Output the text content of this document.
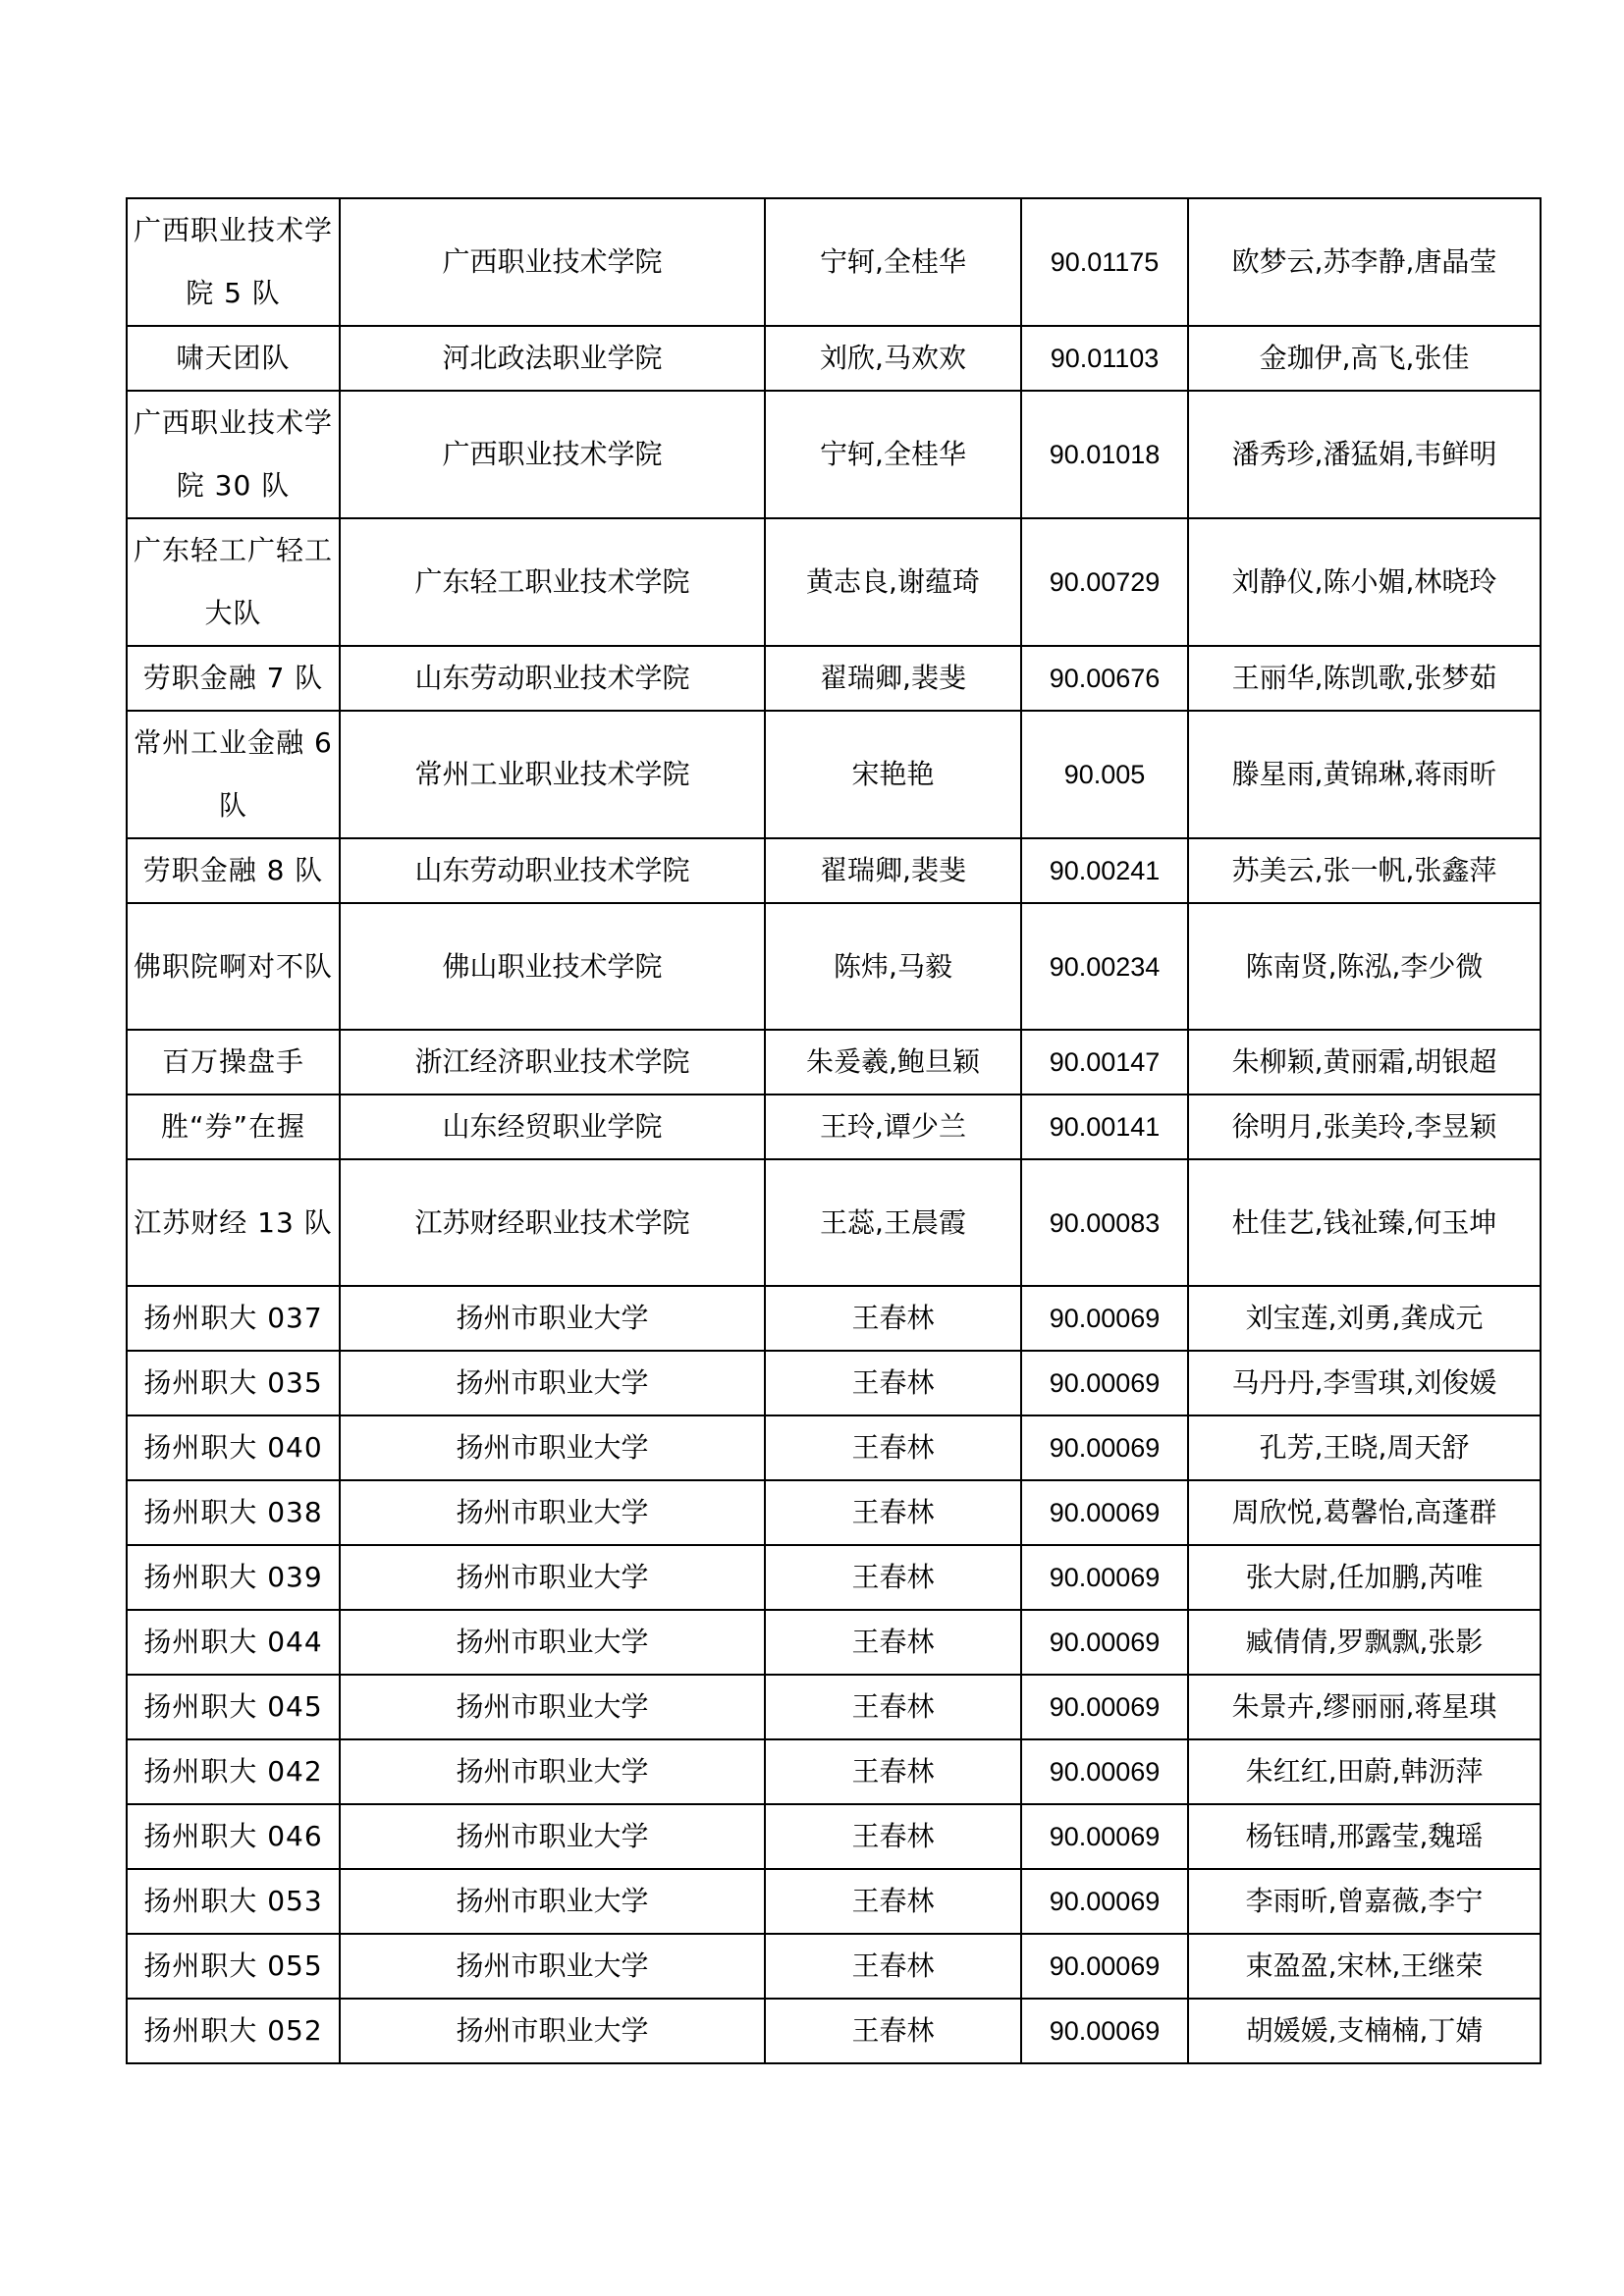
广西职业技术学院 5 队	广西职业技术学院	宁轲,全桂华	90.01175	欧梦云,苏李静,唐晶莹
啸天团队	河北政法职业学院	刘欣,马欢欢	90.01103	金珈伊,高飞,张佳
广西职业技术学院 30 队	广西职业技术学院	宁轲,全桂华	90.01018	潘秀珍,潘猛娟,韦鲜明
广东轻工广轻工大队	广东轻工职业技术学院	黄志良,谢蕴琦	90.00729	刘静仪,陈小媚,林晓玲
劳职金融 7 队	山东劳动职业技术学院	翟瑞卿,裴斐	90.00676	王丽华,陈凯歌,张梦茹
常州工业金融 6 队	常州工业职业技术学院	宋艳艳	90.005	滕星雨,黄锦琳,蒋雨昕
劳职金融 8 队	山东劳动职业技术学院	翟瑞卿,裴斐	90.00241	苏美云,张一帆,张鑫萍
佛职院啊对不队	佛山职业技术学院	陈炜,马毅	90.00234	陈南贤,陈泓,李少微
百万操盘手	浙江经济职业技术学院	朱爰羲,鲍旦颖	90.00147	朱柳颖,黄丽霜,胡银超
胜“券”在握	山东经贸职业学院	王玲,谭少兰	90.00141	徐明月,张美玲,李昱颖
江苏财经 13 队	江苏财经职业技术学院	王蕊,王晨霞	90.00083	杜佳艺,钱祉臻,何玉坤
扬州职大 037	扬州市职业大学	王春林	90.00069	刘宝莲,刘勇,龚成元
扬州职大 035	扬州市职业大学	王春林	90.00069	马丹丹,李雪琪,刘俊媛
扬州职大 040	扬州市职业大学	王春林	90.00069	孔芳,王晓,周天舒
扬州职大 038	扬州市职业大学	王春林	90.00069	周欣悦,葛馨怡,高蓬群
扬州职大 039	扬州市职业大学	王春林	90.00069	张大尉,任加鹏,芮唯
扬州职大 044	扬州市职业大学	王春林	90.00069	臧倩倩,罗飘飘,张影
扬州职大 045	扬州市职业大学	王春林	90.00069	朱景卉,缪丽丽,蒋星琪
扬州职大 042	扬州市职业大学	王春林	90.00069	朱红红,田蔚,韩沥萍
扬州职大 046	扬州市职业大学	王春林	90.00069	杨钰晴,邢露莹,魏瑶
扬州职大 053	扬州市职业大学	王春林	90.00069	李雨昕,曾嘉薇,李宁
扬州职大 055	扬州市职业大学	王春林	90.00069	束盈盈,宋林,王继荣
扬州职大 052	扬州市职业大学	王春林	90.00069	胡媛媛,支楠楠,丁婧
